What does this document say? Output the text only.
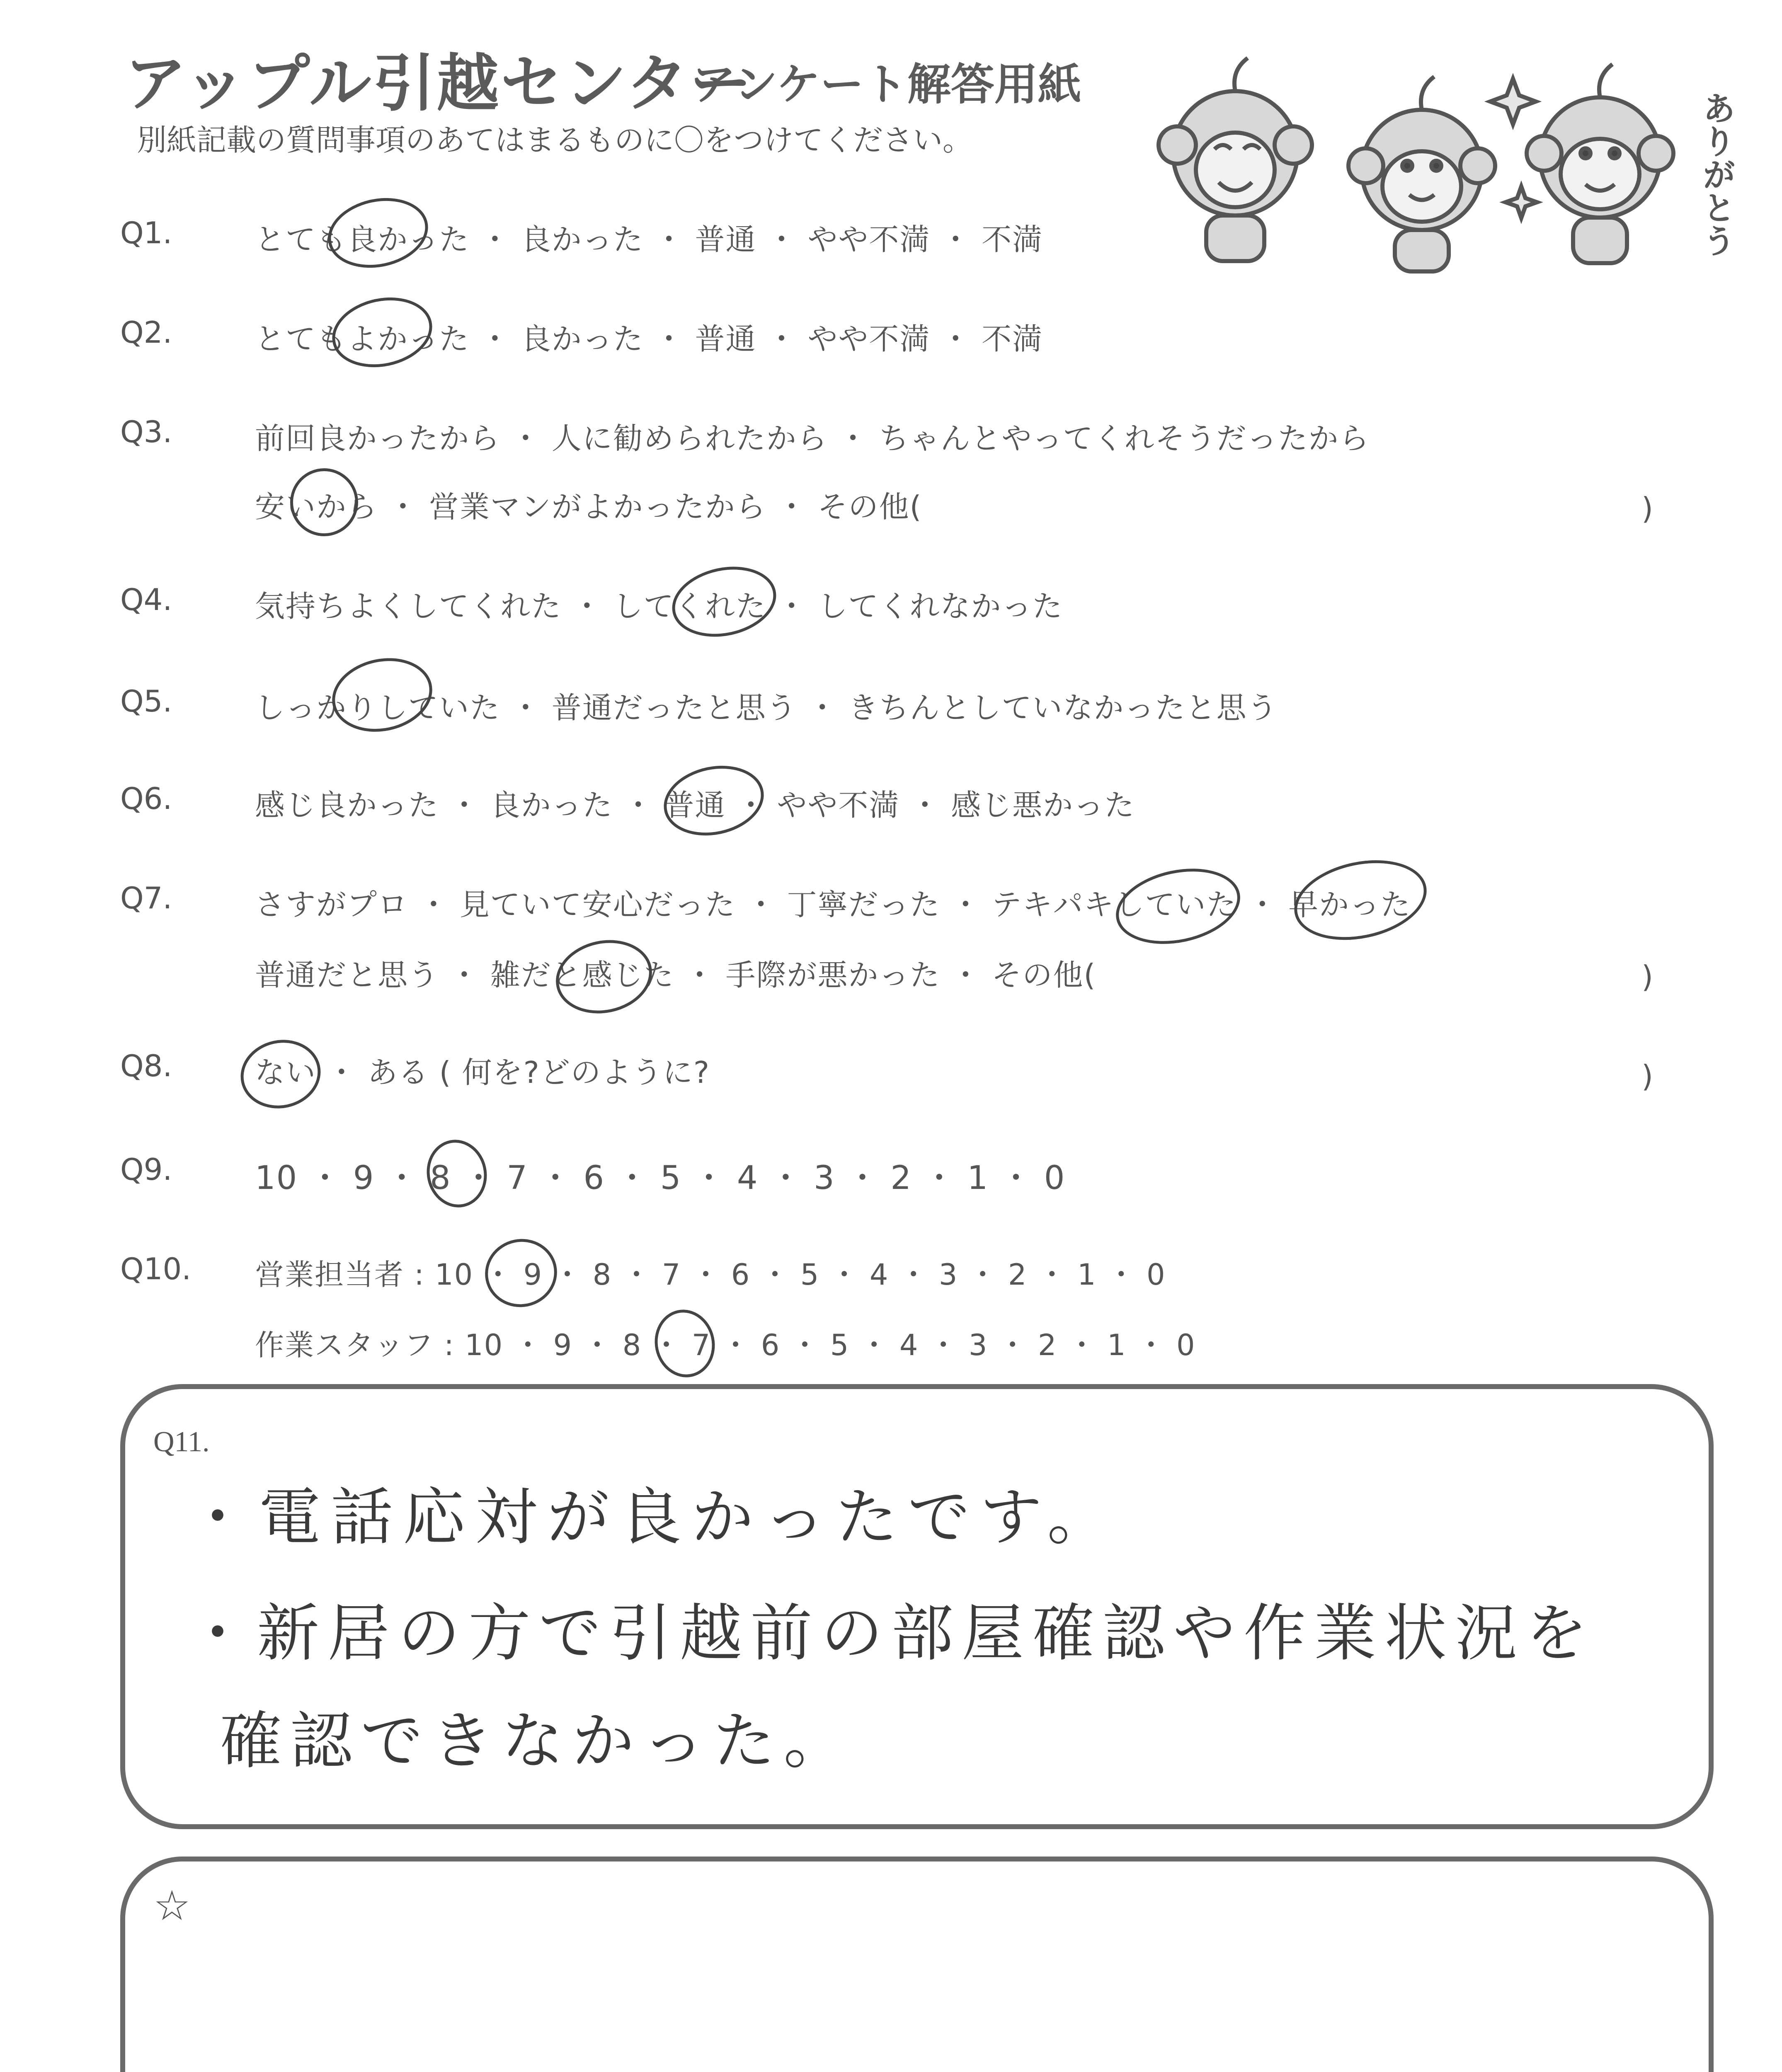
アップル引越センター
アンケート解答用紙
別紙記載の質問事項のあてはまるものに〇をつけてください。	ありがとう
Q1.	とても良かった ・ 良かった ・ 普通 ・ やや不満 ・ 不満
Q2.	とてもよかった ・ 良かった ・ 普通 ・ やや不満 ・ 不満
Q3.	前回良かったから ・ 人に勧められたから ・ ちゃんとやってくれそうだったから
安いから ・ 営業マンがよかったから ・ その他(	)
Q4.	気持ちよくしてくれた ・ してくれた ・ してくれなかった
Q5.	しっかりしていた ・ 普通だったと思う ・ きちんとしていなかったと思う
Q6.	感じ良かった ・ 良かった ・ 普通 ・ やや不満 ・ 感じ悪かった
Q7.	さすがプロ ・ 見ていて安心だった ・ 丁寧だった ・ テキパキしていた ・ 早かった
普通だと思う ・ 雑だと感じた ・ 手際が悪かった ・ その他(	)
Q8.	ない ・ ある ( 何を?どのように?	)
Q9.	10 ・ 9 ・ 8 ・ 7 ・ 6 ・ 5 ・ 4 ・ 3 ・ 2 ・ 1 ・ 0
Q10. 営業担当者 : 10 ・ 9 ・ 8 ・ 7 ・ 6 ・ 5 ・ 4 ・ 3 ・ 2 ・ 1 ・ 0
作業スタッフ : 10 ・ 9 ・ 8 ・ 7 ・ 6 ・ 5 ・ 4 ・ 3 ・ 2 ・ 1 ・ 0
Q11.
・電話応対が良かったです。
・新居の方で引越前の部屋確認や作業状況を
確認できなかった。
☆
